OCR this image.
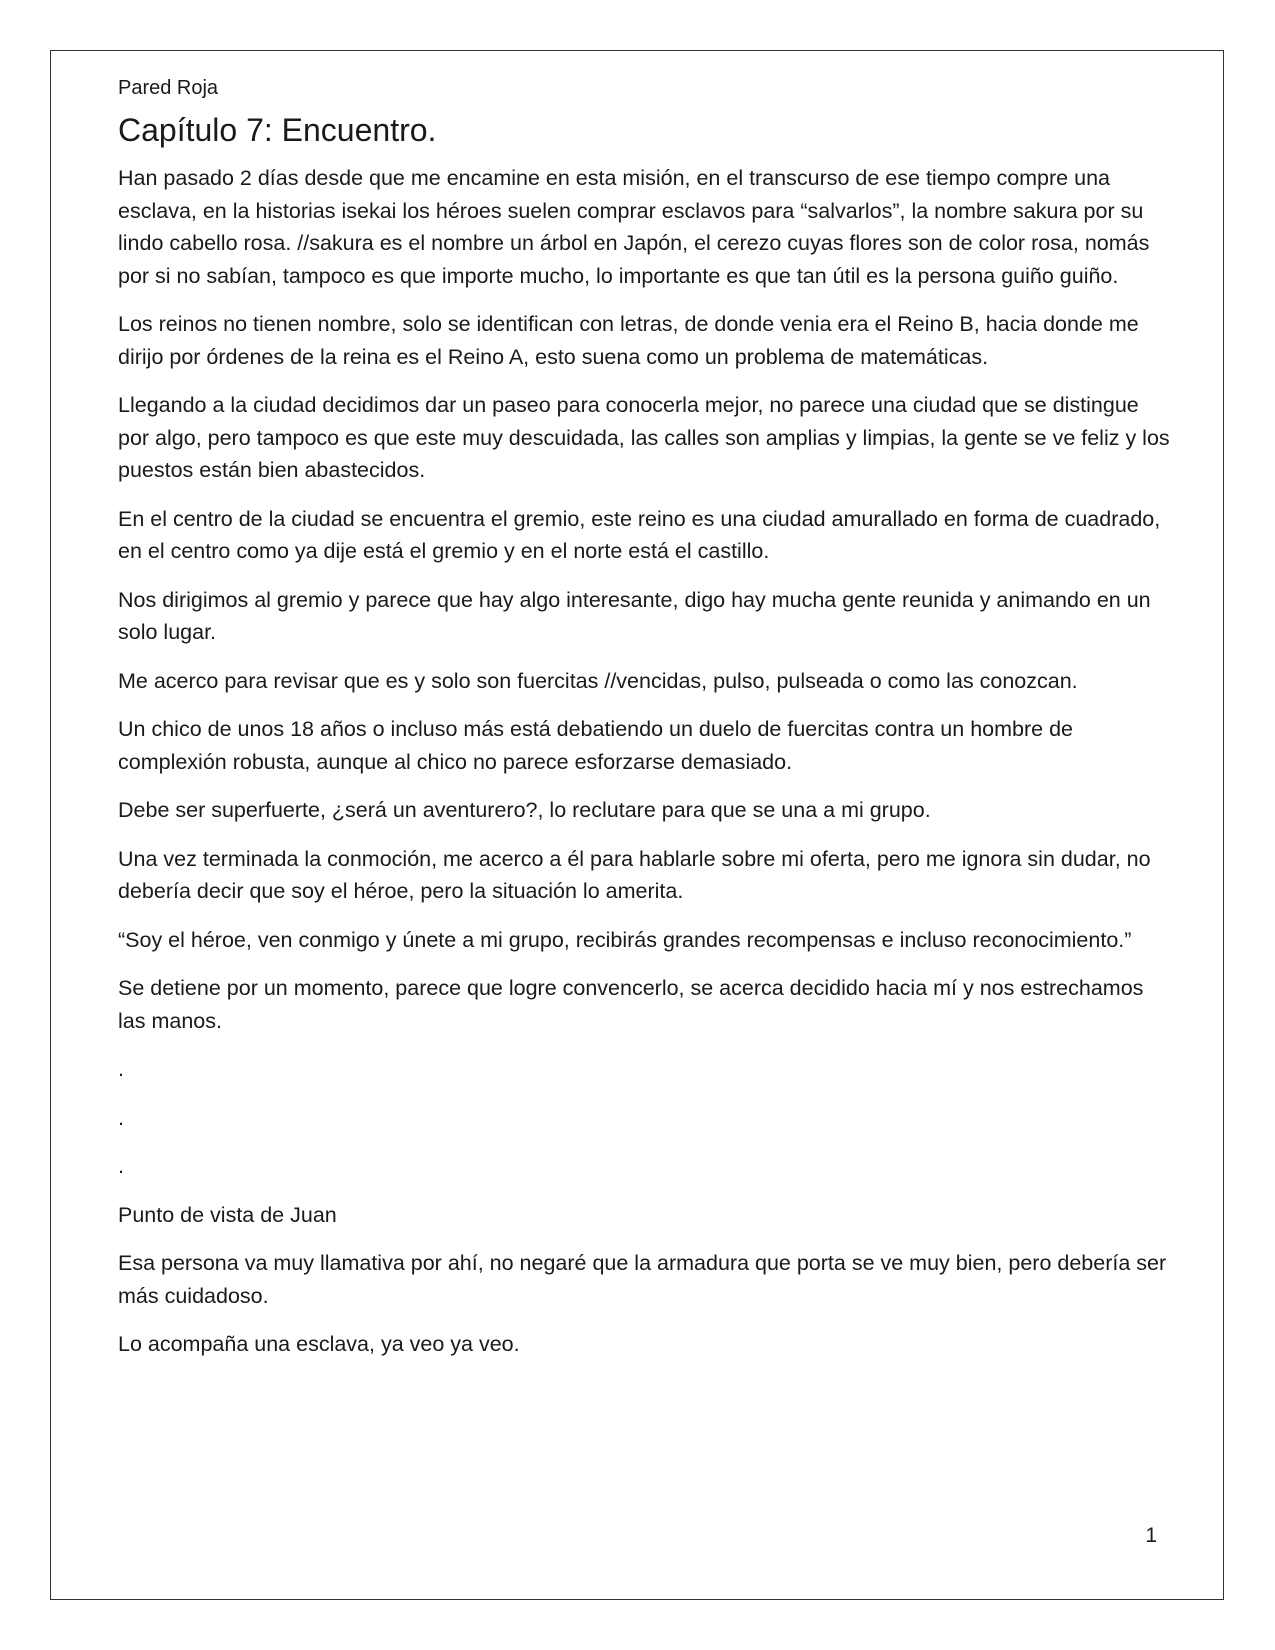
Pared Roja
Capítulo 7: Encuentro.

Han pasado 2 días desde que me encamine en esta misión, en el transcurso de ese tiempo compre una esclava, en la historias isekai los héroes suelen comprar esclavos para “salvarlos”, la nombre sakura por su lindo cabello rosa. //sakura es el nombre un árbol en Japón, el cerezo cuyas flores son de color rosa, nomás por si no sabían, tampoco es que importe mucho, lo importante es que tan útil es la persona guiño guiño.

Los reinos no tienen nombre, solo se identifican con letras, de donde venia era el Reino B, hacia donde me dirijo por órdenes de la reina es el Reino A, esto suena como un problema de matemáticas.

Llegando a la ciudad decidimos dar un paseo para conocerla mejor, no parece una ciudad que se distingue por algo, pero tampoco es que este muy descuidada, las calles son amplias y limpias, la gente se ve feliz y los puestos están bien abastecidos.

En el centro de la ciudad se encuentra el gremio, este reino es una ciudad amurallado en forma de cuadrado, en el centro como ya dije está el gremio y en el norte está el castillo.

Nos dirigimos al gremio y parece que hay algo interesante, digo hay mucha gente reunida y animando en un solo lugar.

Me acerco para revisar que es y solo son fuercitas //vencidas, pulso, pulseada o como las conozcan.

Un chico de unos 18 años o incluso más está debatiendo un duelo de fuercitas contra un hombre de complexión robusta, aunque al chico no parece esforzarse demasiado.

Debe ser superfuerte, ¿será un aventurero?, lo reclutare para que se una a mi grupo.

Una vez terminada la conmoción, me acerco a él para hablarle sobre mi oferta, pero me ignora sin dudar, no debería decir que soy el héroe, pero la situación lo amerita.

“Soy el héroe, ven conmigo y únete a mi grupo, recibirás grandes recompensas e incluso reconocimiento.”

Se detiene por un momento, parece que logre convencerlo, se acerca decidido hacia mí y nos estrechamos las manos.

.

.

.

Punto de vista de Juan

Esa persona va muy llamativa por ahí, no negaré que la armadura que porta se ve muy bien, pero debería ser más cuidadoso.

Lo acompaña una esclava, ya veo ya veo.

1
